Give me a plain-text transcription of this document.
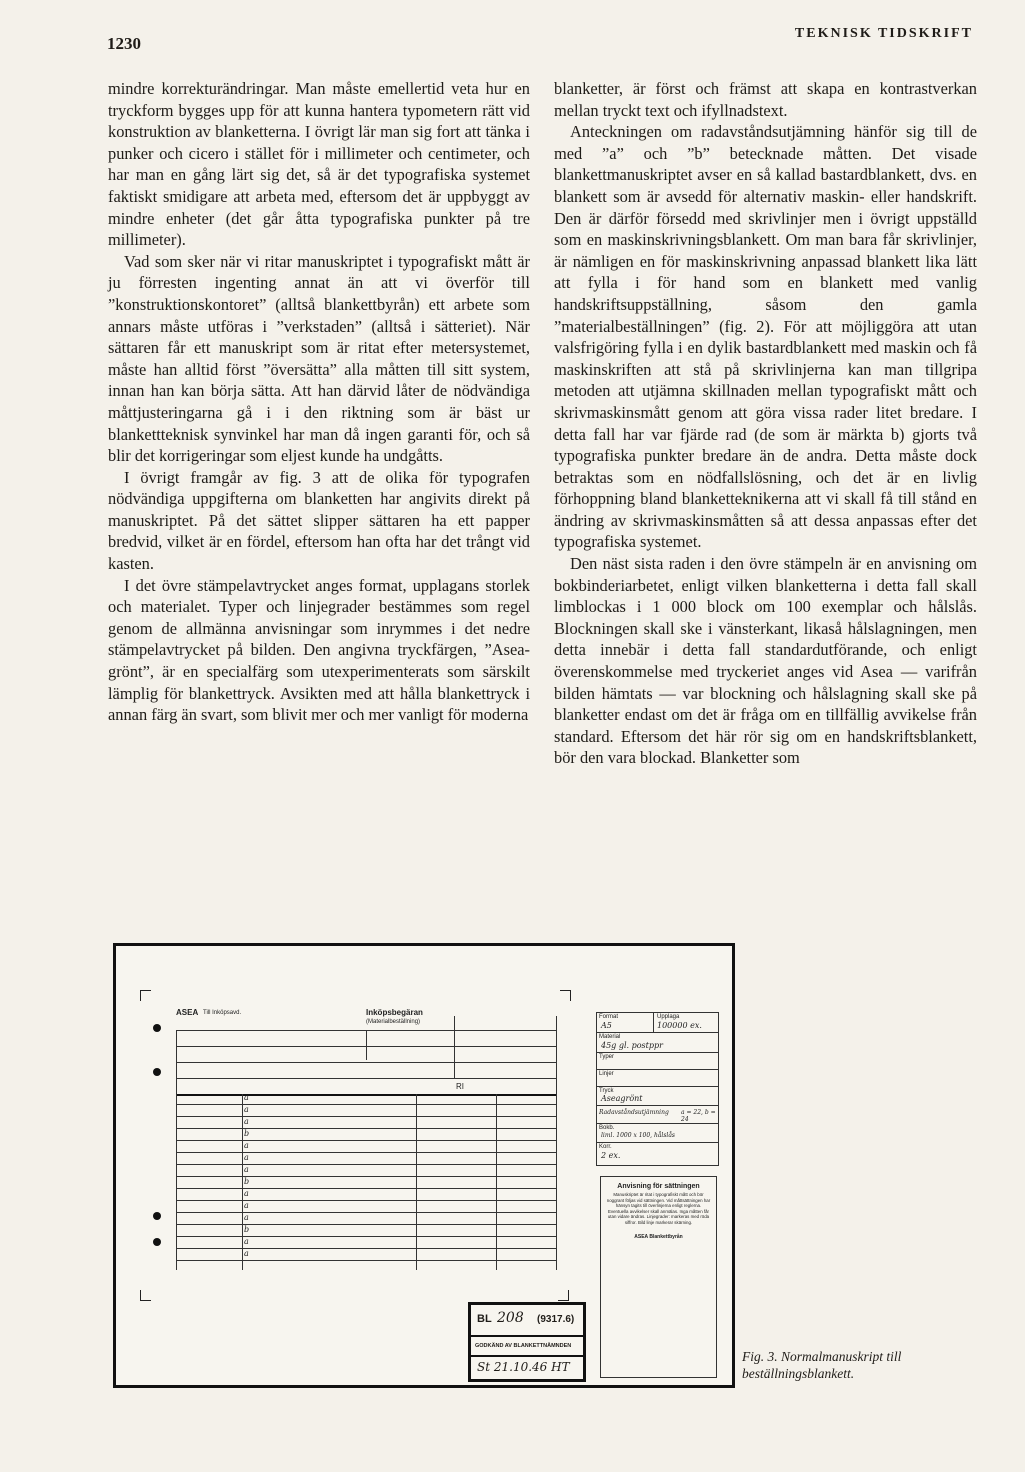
1230
TEKNISK TIDSKRIFT

mindre korrekturändringar. Man måste emellertid veta hur en tryckform bygges upp för att kunna hantera typometern rätt vid konstruktion av blanketterna. I övrigt lär man sig fort att tänka i punker och cicero i stället för i millimeter och centimeter, och har man en gång lärt sig det, så är det typografiska systemet faktiskt smidigare att arbeta med, eftersom det är uppbyggt av mindre enheter (det går åtta typografiska punkter på tre millimeter).

Vad som sker när vi ritar manuskriptet i typografiskt mått är ju förresten ingenting annat än att vi överför till ”konstruktionskontoret” (alltså blankettbyrån) ett arbete som annars måste utföras i ”verkstaden” (alltså i sätteriet). När sättaren får ett manuskript som är ritat efter metersystemet, måste han alltid först ”översätta” alla måtten till sitt system, innan han kan börja sätta. Att han därvid låter de nödvändiga måttjusteringarna gå i i den riktning som är bäst ur blankettteknisk synvinkel har man då ingen garanti för, och så blir det korrigeringar som eljest kunde ha undgåtts.

I övrigt framgår av fig. 3 att de olika för typografen nödvändiga uppgifterna om blanketten har angivits direkt på manuskriptet. På det sättet slipper sättaren ha ett papper bredvid, vilket är en fördel, eftersom han ofta har det trångt vid kasten.

I det övre stämpelavtrycket anges format, upplagans storlek och materialet. Typer och linjegrader bestämmes som regel genom de allmänna anvisningar som inrymmes i det nedre stämpelavtrycket på bilden. Den angivna tryckfärgen, ”Asea-grönt”, är en specialfärg som utexperimenterats som särskilt lämplig för blankettryck. Avsikten med att hålla blankettryck i annan färg än svart, som blivit mer och mer vanligt för moderna

blanketter, är först och främst att skapa en kontrastverkan mellan tryckt text och ifyllnadstext.

Anteckningen om radavståndsutjämning hänför sig till de med ”a” och ”b” betecknade måtten. Det visade blankettmanuskriptet avser en så kallad bastardblankett, dvs. en blankett som är avsedd för alternativ maskin- eller handskrift. Den är därför försedd med skrivlinjer men i övrigt uppställd som en maskinskrivningsblankett. Om man bara får skrivlinjer, är nämligen en för maskinskrivning anpassad blankett lika lätt att fylla i för hand som en blankett med vanlig handskriftsuppställning, såsom den gamla ”materialbeställningen” (fig. 2). För att möjliggöra att utan valsfrigöring fylla i en dylik bastardblankett med maskin och få maskinskriften att stå på skrivlinjerna kan man tillgripa metoden att utjämna skillnaden mellan typografiskt mått och skrivmaskinsmått genom att göra vissa rader litet bredare. I detta fall har var fjärde rad (de som är märkta b) gjorts två typografiska punkter bredare än de andra. Detta måste dock betraktas som en nödfallslösning, och det är en livlig förhoppning bland blanketteknikerna att vi skall få till stånd en ändring av skrivmaskinsmåtten så att dessa anpassas efter det typografiska systemet.

Den näst sista raden i den övre stämpeln är en anvisning om bokbinderiarbetet, enligt vilken blanketterna i detta fall skall limblockas i 1 000 block om 100 exemplar och hålslås. Blockningen skall ske i vänsterkant, likaså hålslagningen, men detta innebär i detta fall standardutförande, och enligt överenskommelse med tryckeriet anges vid Asea — varifrån bilden hämtats — var blockning och hålslagning skall ske på blanketter endast om det är fråga om en tillfällig avvikelse från standard. Eftersom det här rör sig om en handskriftsblankett, bör den vara blockad. Blanketter som

ASEA Till Inköpsavd.	Inköpsbegäran
(Materialbeställning)
RI
a
a
a
b
a
a
a
b
a
a
a
b
a
a
Format
A5
Upplaga
100000 ex.
Material
45g gl. postppr
Typer
Linjer
Tryck
Aseagrönt
Radavståndsutjämning a = 22, b = 24
Bokb.
liml. 1000 x 100, hålslås
Korr.
2 ex.
Anvisning för sättningen
Manuskriptet är ritat i typografiskt mått och bör noggrant följas vid sättningen. Vid måttsättningen har hänsyn tagits till överlinjerna enligt reglerna. Eventuella avvikelser skall anmälas. Inga måtten får utan vidare ändras. Linjegrader: markeras med röda siffror. Bild linje markerar skärning.
ASEA Blankettbyrån
BL 208 (9317.6)
GODKÄND AV BLANKETTNÄMNDEN
St 21.10.46 HT
Fig. 3. Normalmanuskript till beställningsblankett.
